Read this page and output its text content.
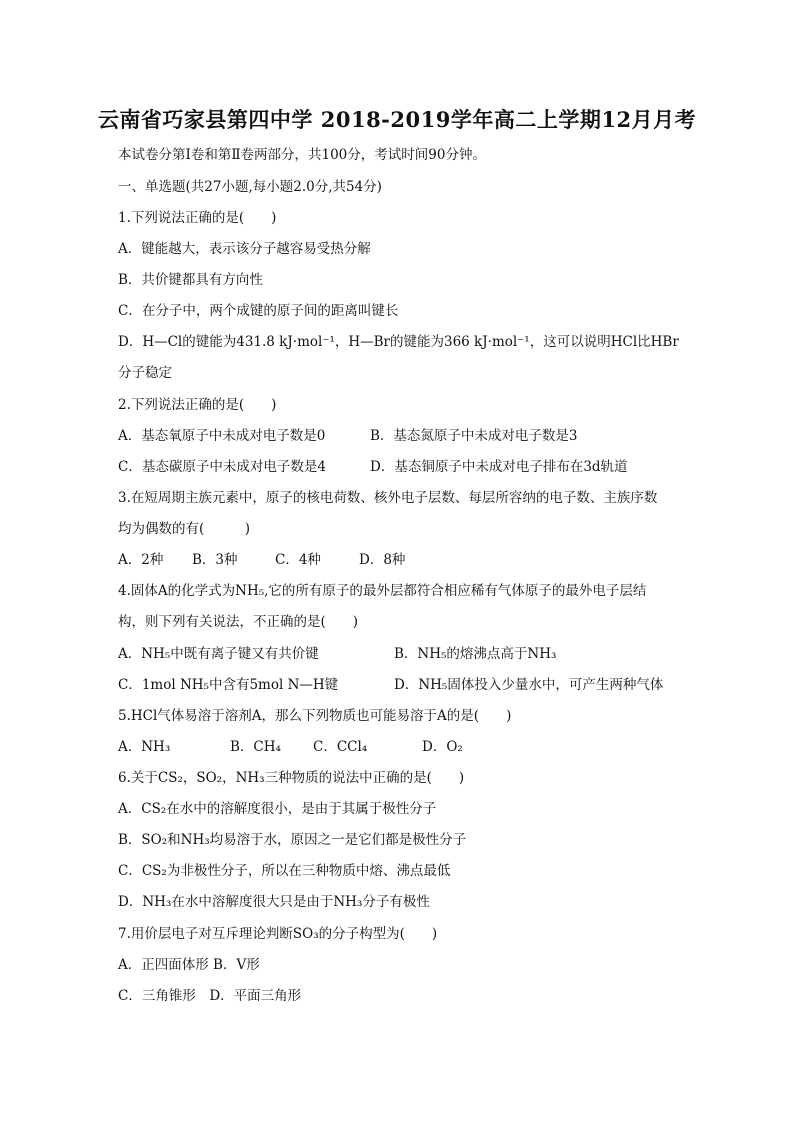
云南省巧家县第四中学 2018-2019学年高二上学期12月月考
本试卷分第Ⅰ卷和第Ⅱ卷两部分，共100分，考试时间90分钟。
一、单选题(共27小题,每小题2.0分,共54分)
1.下列说法正确的是(　　)
A．键能越大，表示该分子越容易受热分解
B．共价键都具有方向性
C．在分子中，两个成键的原子间的距离叫键长
D．H—Cl的键能为431.8 kJ·mol⁻¹，H—Br的键能为366 kJ·mol⁻¹，这可以说明HCl比HBr
分子稳定
2.下列说法正确的是(　　)
A．基态氧原子中未成对电子数是0	B．基态氮原子中未成对电子数是3
C．基态碳原子中未成对电子数是4	D．基态铜原子中未成对电子排布在3d轨道
3.在短周期主族元素中，原子的核电荷数、核外电子层数、每层所容纳的电子数、主族序数
均为偶数的有(　　　)
A．2种 B．3种	C．4种	D．8种
4.固体A的化学式为NH₅,它的所有原子的最外层都符合相应稀有气体原子的最外电子层结
构，则下列有关说法，不正确的是(　　)
A．NH₅中既有离子键又有共价键	B．NH₅的熔沸点高于NH₃
C．1mol NH₅中含有5mol N—H键	D．NH₅固体投入少量水中，可产生两种气体
5.HCl气体易溶于溶剂A，那么下列物质也可能易溶于A的是(　　)
A．NH₃	B．CH₄ C．CCl₄	D．O₂
6.关于CS₂，SO₂，NH₃三种物质的说法中正确的是(　　)
A．CS₂在水中的溶解度很小，是由于其属于极性分子
B．SO₂和NH₃均易溶于水，原因之一是它们都是极性分子
C．CS₂为非极性分子，所以在三种物质中熔、沸点最低
D．NH₃在水中溶解度很大只是由于NH₃分子有极性
7.用价层电子对互斥理论判断SO₃的分子构型为(　　)
A．正四面体形 B．V形
C．三角锥形　D．平面三角形
